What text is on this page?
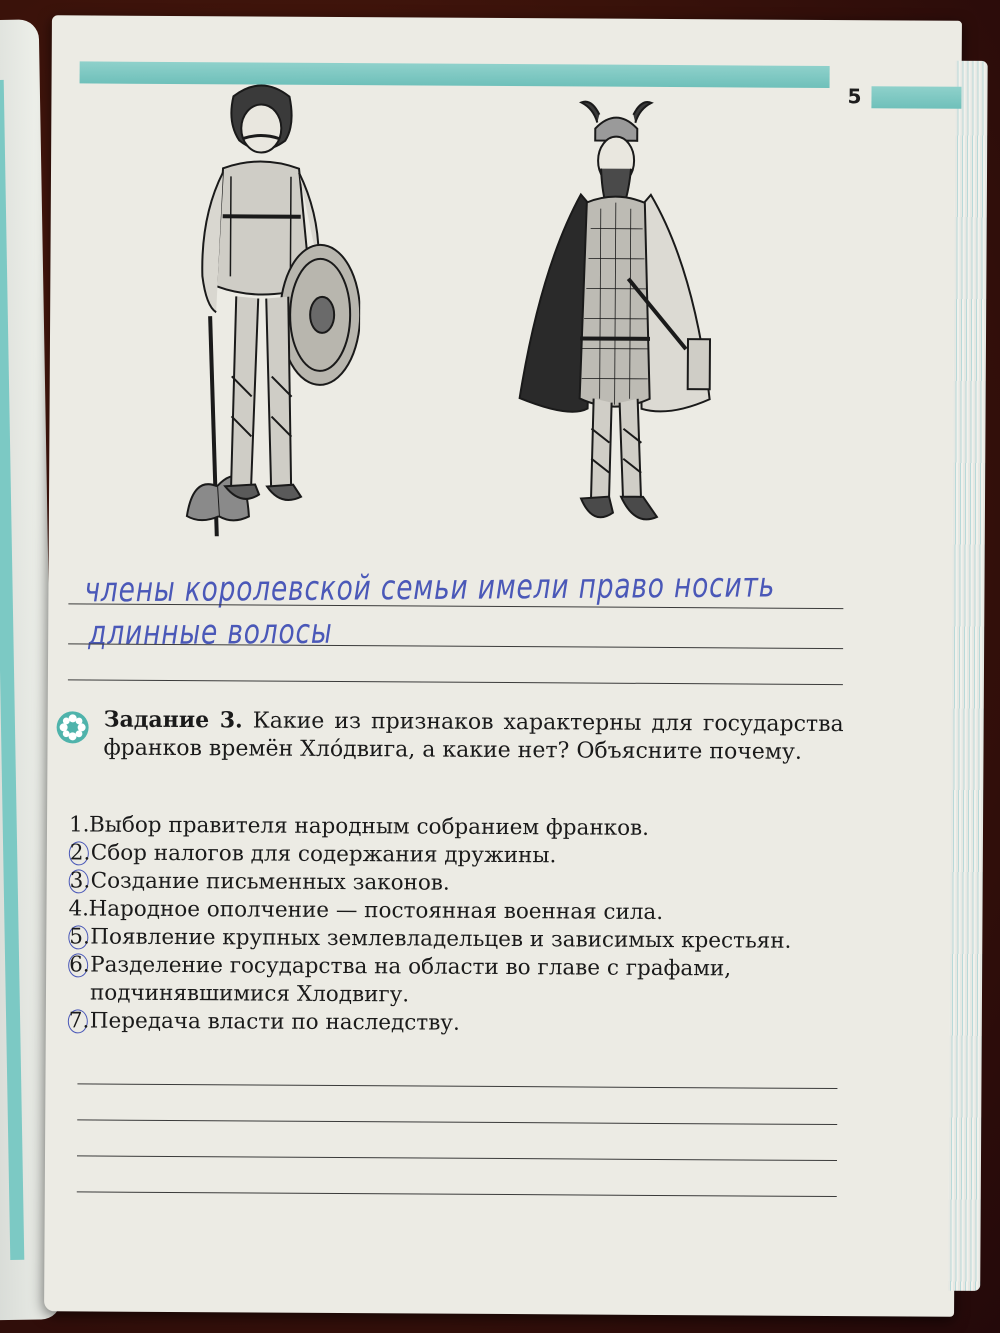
5
члены королевской семьи имели право носить
длинные волосы
Задание 3. Какие из признаков характерны для государства франков времён Хло́двига, а какие нет? Объясните почему.
1.Выбор правителя народным собранием франков.
2.Сбор налогов для содержания дружины.
3.Создание письменных законов.
4.Народное ополчение — постоянная военная сила.
5.Появление крупных землевладельцев и зависимых крестьян.
6.Разделение государства на области во главе с графами, подчинявшимися Хлодвигу.
7.Передача власти по наследству.
